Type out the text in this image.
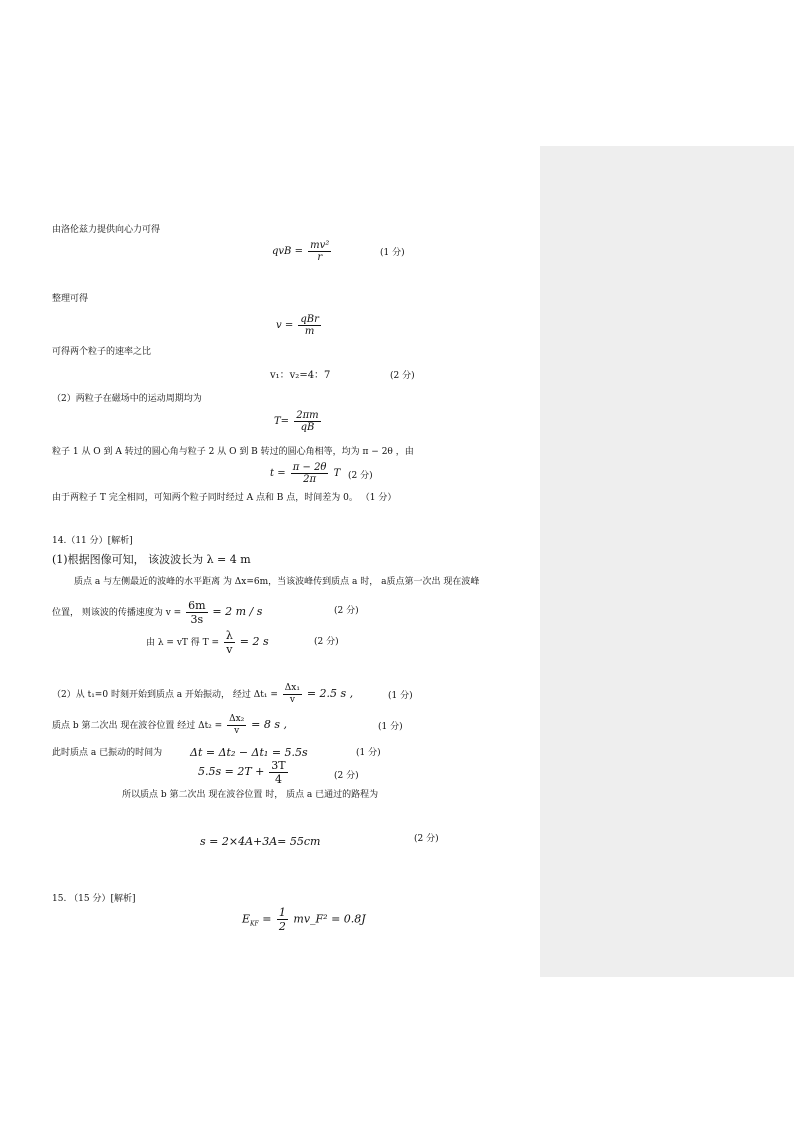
由洛伦兹力提供向心力可得
qvB = $\frac{\text{mv²}}{r}$	(1 分)
整理可得
$v = \frac{\text{qBr}}{m}$
可得两个粒子的速率之比
v₁：v₂=4：7	(2 分)
（2）两粒子在磁场中的运动周期均为
$T= \frac{2\pi m}{qB}$
粒子 1 从 O 到 A 转过的圆心角与粒子 2 从 O 到 B 转过的圆心角相等，均为 π − 2θ ，由
$t = \frac{\pi - 2\theta}{2\pi}$ T (2 分)
由于两粒子 T 完全相同，可知两个粒子同时经过 A 点和 B 点，时间差为 0。 （1 分）
14.（11 分）[解析]
(1)根据图像可知， 该波波长为 λ = 4 m
质点 a 与左侧最近的波峰的水平距离 为 Δx=6m，当该波峰传到质点 a 时， a质点第一次出 现在波峰
位置， 则该波的传播速度为 $v = \frac{6m}{3s} = 2$ m / s	(2 分)
由 λ = vT 得 $T = \frac{\lambda}{v} = 2$ s	(2 分)
（2）从 t₁=0 时刻开始到质点 a 开始振动， 经过 $\Delta t_1 = \frac{\text{Δx₁}}{v} = 2.5$ s ,	(1 分)
质点 b 第二次出 现在波谷位置 经过 $\Delta t_2 = \frac{\text{Δx₂}}{v} = 8$ s ,	(1 分)
此时质点 a 已振动的时间为	Δt = Δt₂ − Δt₁ = 5.5s	(1 分)
$5.5s = 2T + \frac{3T}{4}$	(2 分)
所以质点 b 第二次出 现在波谷位置 时， 质点 a 已通过的路程为
s = 2×4A+3A= 55cm	(2 分)
15. （15 分）[解析]
$E_{KF} = \frac{1}{2}$ mv_F² = 0.8J
